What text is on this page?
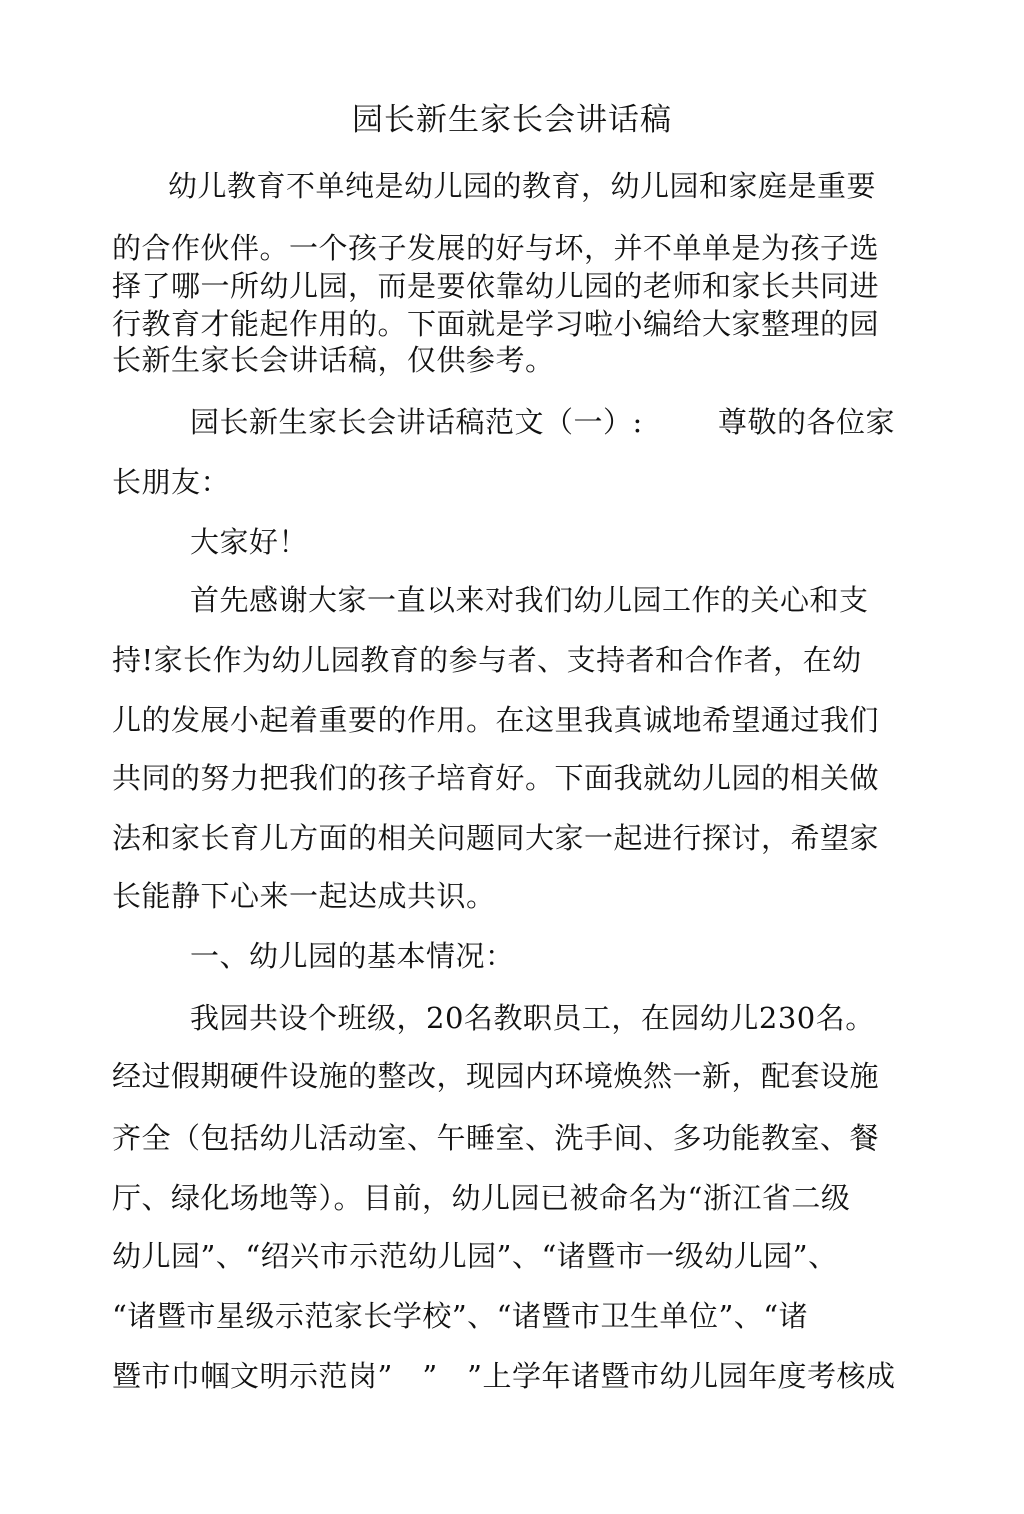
园长新生家长会讲话稿
幼儿教育不单纯是幼儿园的教育，幼儿园和家庭是重要
的合作伙伴。一个孩子发展的好与坏，并不单单是为孩子选
择了哪一所幼儿园，而是要依靠幼儿园的老师和家长共同进
行教育才能起作用的。下面就是学习啦小编给大家整理的园
长新生家长会讲话稿，仅供参考。
园长新生家长会讲话稿范文（一）:	尊敬的各位家
长朋友：
大家好！
首先感谢大家一直以来对我们幼儿园工作的关心和支
持!家长作为幼儿园教育的参与者、支持者和合作者，在幼
儿的发展小起着重要的作用。在这里我真诚地希望通过我们
共同的努力把我们的孩子培育好。下面我就幼儿园的相关做
法和家长育儿方面的相关问题同大家一起进行探讨，希望家
长能静下心来一起达成共识。
一、幼儿园的基本情况：
我园共设个班级，20名教职员工，在园幼儿230名。
经过假期硬件设施的整改，现园内环境焕然一新，配套设施
齐全（包括幼儿活动室、午睡室、洗手间、多功能教室、餐
厅、绿化场地等）。目前，幼儿园已被命名为“浙江省二级
幼儿园”、“绍兴市示范幼儿园”、“诸暨市一级幼儿园”、
“诸暨市星级示范家长学校”、“诸暨市卫生单位”、“诸
暨市巾帼文明示范岗”　”　”上学年诸暨市幼儿园年度考核成
